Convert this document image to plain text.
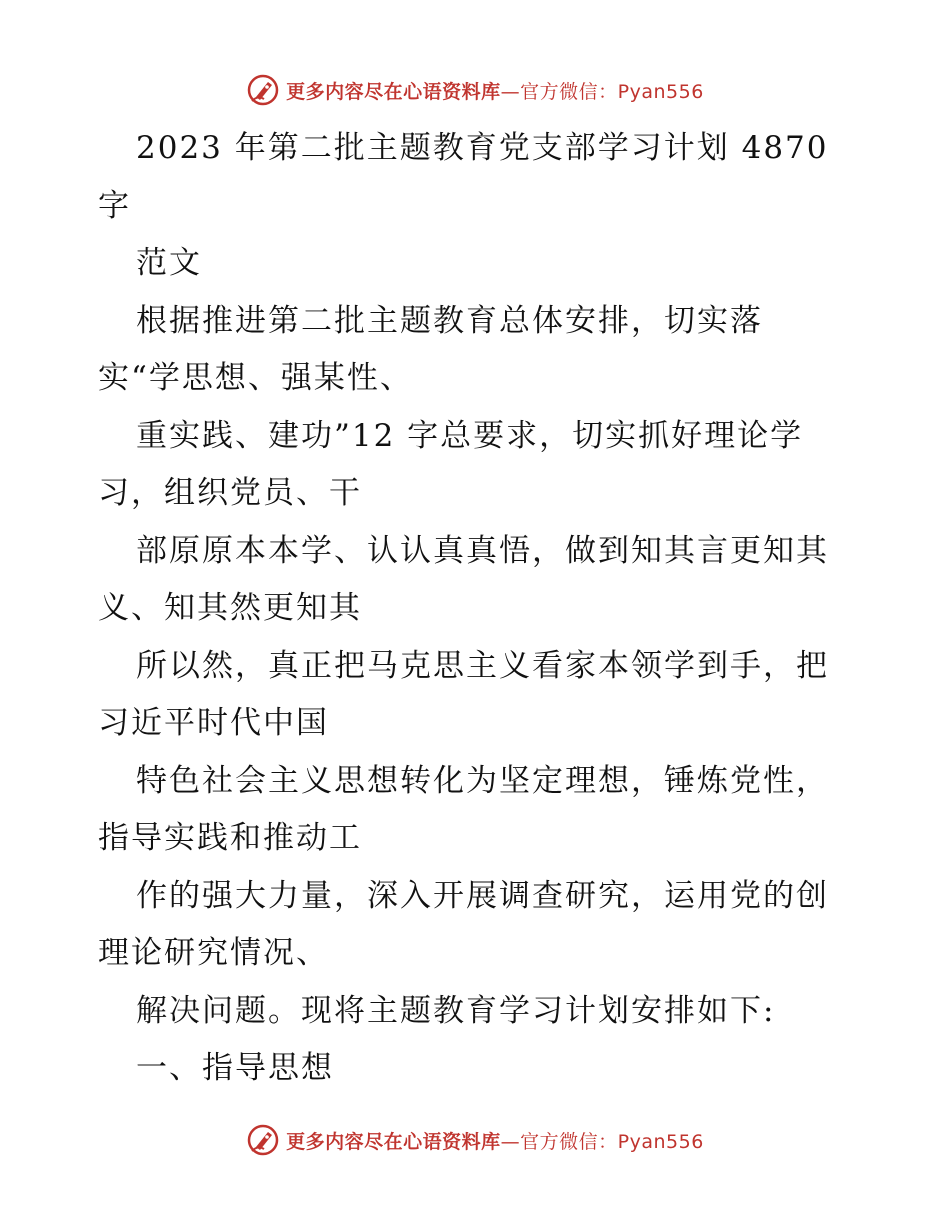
更多内容尽在心语资料库—官方微信：Pyan556
2023 年第二批主题教育党支部学习计划 4870
字
范文
根据推进第二批主题教育总体安排，切实落
实“学思想、强某性、
重实践、建功”12 字总要求，切实抓好理论学
习，组织党员、干
部原原本本学、认认真真悟，做到知其言更知其
义、知其然更知其
所以然，真正把马克思主义看家本领学到手，把
习近平时代中国
特色社会主义思想转化为坚定理想，锤炼党性，
指导实践和推动工
作的强大力量，深入开展调查研究，运用党的创
理论研究情况、
解决问题。现将主题教育学习计划安排如下:
一、指导思想
更多内容尽在心语资料库—官方微信：Pyan556
